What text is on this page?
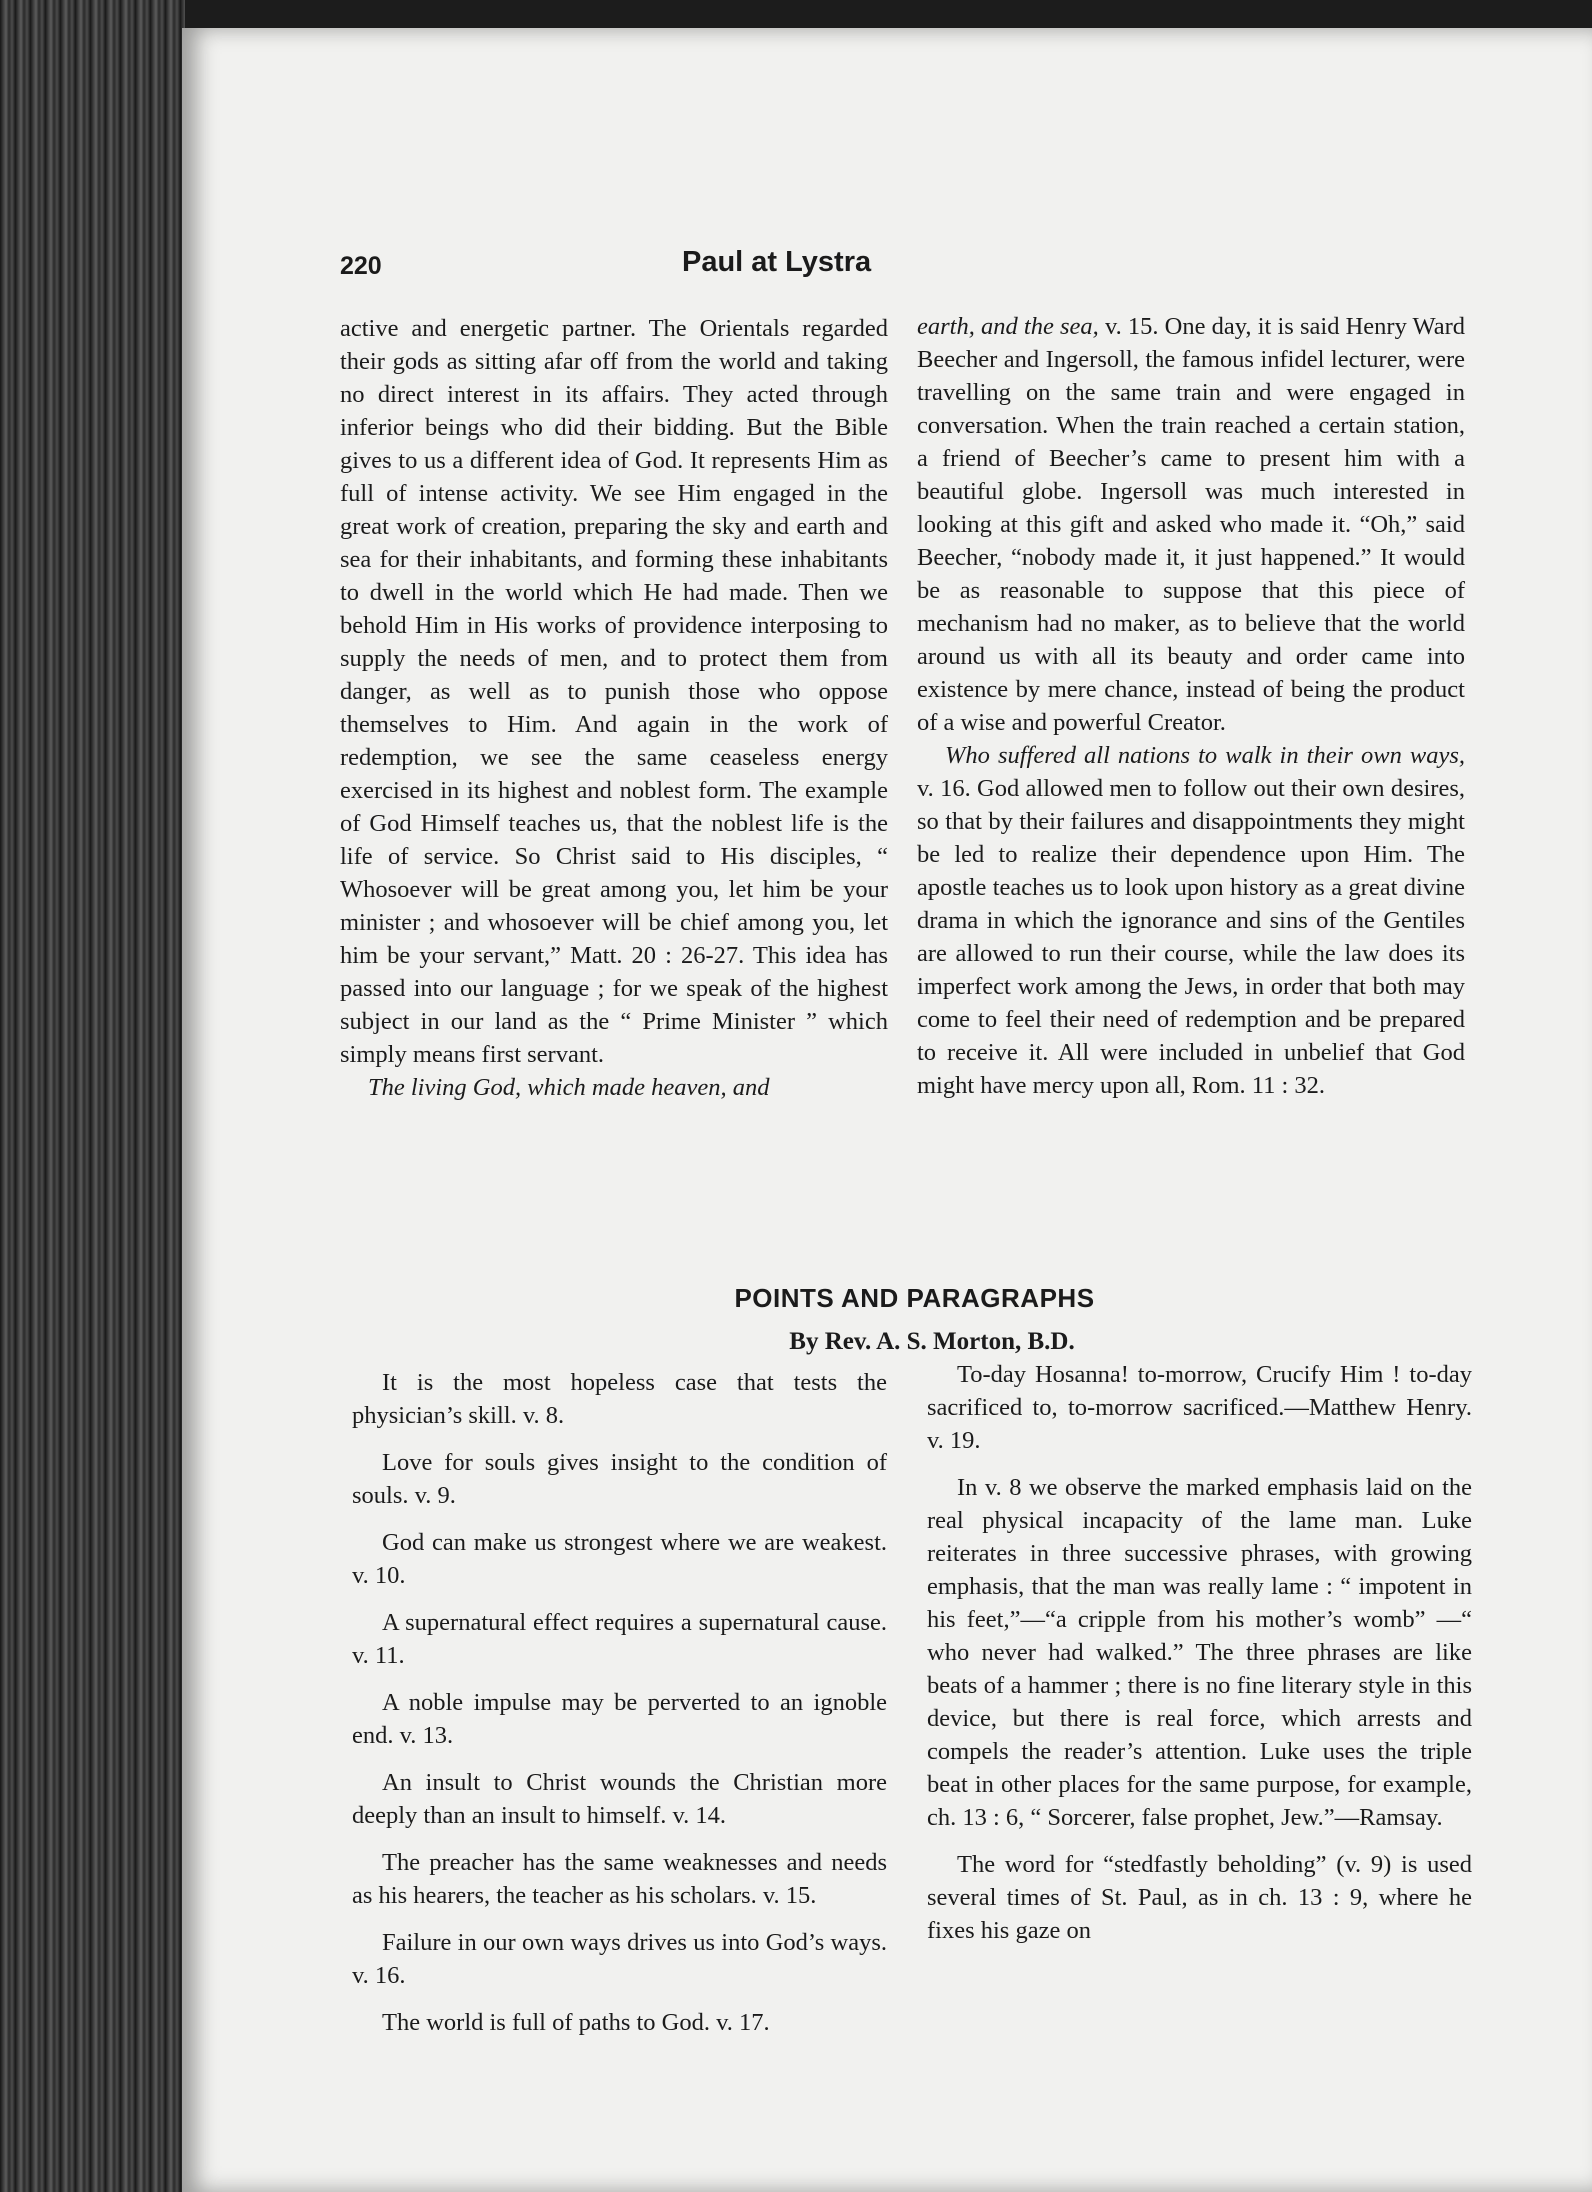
220	Paul at Lystra

active and energetic partner. The Orientals regarded their gods as sitting afar off from the world and taking no direct interest in its affairs. They acted through inferior beings who did their bidding. But the Bible gives to us a different idea of God. It represents Him as full of intense activity. We see Him engaged in the great work of creation, preparing the sky and earth and sea for their inhabitants, and forming these inhabitants to dwell in the world which He had made. Then we behold Him in His works of providence interposing to supply the needs of men, and to protect them from danger, as well as to punish those who oppose themselves to Him. And again in the work of redemption, we see the same ceaseless energy exercised in its highest and noblest form. The example of God Himself teaches us, that the noblest life is the life of service. So Christ said to His disciples, “ Whosoever will be great among you, let him be your minister ; and whosoever will be chief among you, let him be your servant,” Matt. 20 : 26-27. This idea has passed into our language ; for we speak of the highest subject in our land as the “ Prime Minister ” which simply means first servant.

The living God, which made heaven, and

earth, and the sea, v. 15. One day, it is said Henry Ward Beecher and Ingersoll, the famous infidel lecturer, were travelling on the same train and were engaged in conversation. When the train reached a certain station, a friend of Beecher’s came to present him with a beautiful globe. Ingersoll was much interested in looking at this gift and asked who made it. “Oh,” said Beecher, “nobody made it, it just happened.” It would be as reasonable to suppose that this piece of mechanism had no maker, as to believe that the world around us with all its beauty and order came into existence by mere chance, instead of being the product of a wise and powerful Creator.

Who suffered all nations to walk in their own ways, v. 16. God allowed men to follow out their own desires, so that by their failures and disappointments they might be led to realize their dependence upon Him. The apostle teaches us to look upon history as a great divine drama in which the ignorance and sins of the Gentiles are allowed to run their course, while the law does its imperfect work among the Jews, in order that both may come to feel their need of redemption and be prepared to receive it. All were included in unbelief that God might have mercy upon all, Rom. 11 : 32.

POINTS AND PARAGRAPHS
By Rev. A. S. Morton, B.D.

It is the most hopeless case that tests the physician’s skill. v. 8.

Love for souls gives insight to the condition of souls. v. 9.

God can make us strongest where we are weakest. v. 10.

A supernatural effect requires a supernatural cause. v. 11.

A noble impulse may be perverted to an ignoble end. v. 13.

An insult to Christ wounds the Christian more deeply than an insult to himself. v. 14.

The preacher has the same weaknesses and needs as his hearers, the teacher as his scholars. v. 15.

Failure in our own ways drives us into God’s ways. v. 16.

The world is full of paths to God. v. 17.

To-day Hosanna! to-morrow, Crucify Him ! to-day sacrificed to, to-morrow sacrificed.—Matthew Henry. v. 19.

In v. 8 we observe the marked emphasis laid on the real physical incapacity of the lame man. Luke reiterates in three successive phrases, with growing emphasis, that the man was really lame : “ impotent in his feet,”—“a cripple from his mother’s womb” —“ who never had walked.” The three phrases are like beats of a hammer ; there is no fine literary style in this device, but there is real force, which arrests and compels the reader’s attention. Luke uses the triple beat in other places for the same purpose, for example, ch. 13 : 6, “ Sorcerer, false prophet, Jew.”—Ramsay.

The word for “stedfastly beholding” (v. 9) is used several times of St. Paul, as in ch. 13 : 9, where he fixes his gaze on
